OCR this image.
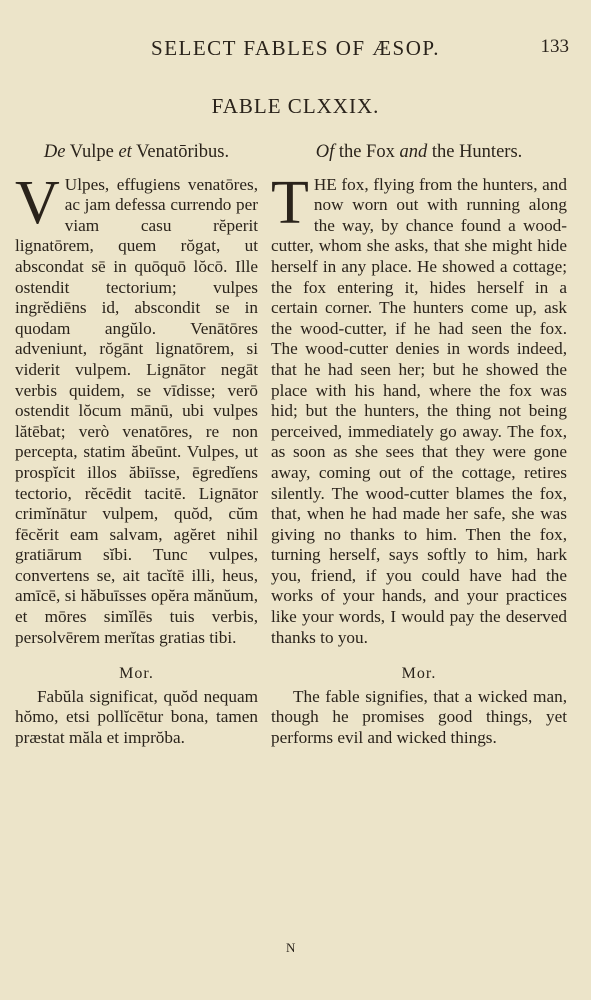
SELECT FABLES OF ÆSOP.	133
FABLE CLXXIX.
De Vulpe et Venatōribus.
V Ulpes, effugiens venatōres, ac jam defessa currendo per viam casu rĕperit lignatōrem, quem rŏgat, ut abscondat sē in quōquō lŏcō. Ille ostendit tectorium; vulpes ingrĕdiēns id, abscondit se in quodam angŭlo. Venātōres adveniunt, rŏgānt lignatōrem, si viderit vulpem. Lignātor negāt verbis quidem, se vīdisse; verō ostendit lŏcum mānū, ubi vulpes lătēbat; verò venatōres, re non percepta, statim ăbeūnt. Vulpes, ut prospĭcit illos ăbiīsse, ēgredĭens tectorio, rĕcēdit tacitē. Lignātor crimĭnātur vulpem, quŏd, cŭm fēcĕrit eam salvam, agĕret nihil gratiārum sĭbi. Tunc vulpes, convertens se, ait tacĭtē illi, heus, amīcē, si hăbuīsses opĕra mănŭum, et mōres simĭlēs tuis verbis, persolvērem merĭtas gratias tibi.
Mor.
Fabŭla significat, quŏd nequam hŏmo, etsi pollĭcētur bona, tamen præstat măla et imprŏba.
Of the Fox and the Hunters.
THE fox, flying from the hunters, and now worn out with running along the way, by chance found a wood-cutter, whom she asks, that she might hide herself in any place. He showed a cottage; the fox entering it, hides herself in a certain corner. The hunters come up, ask the wood-cutter, if he had seen the fox. The wood-cutter denies in words indeed, that he had seen her; but he showed the place with his hand, where the fox was hid; but the hunters, the thing not being perceived, immediately go away. The fox, as soon as she sees that they were gone away, coming out of the cottage, retires silently. The wood-cutter blames the fox, that, when he had made her safe, she was giving no thanks to him. Then the fox, turning herself, says softly to him, hark you, friend, if you could have had the works of your hands, and your practices like your words, I would pay the deserved thanks to you.
Mor.
The fable signifies, that a wicked man, though he promises good things, yet performs evil and wicked things.
N
